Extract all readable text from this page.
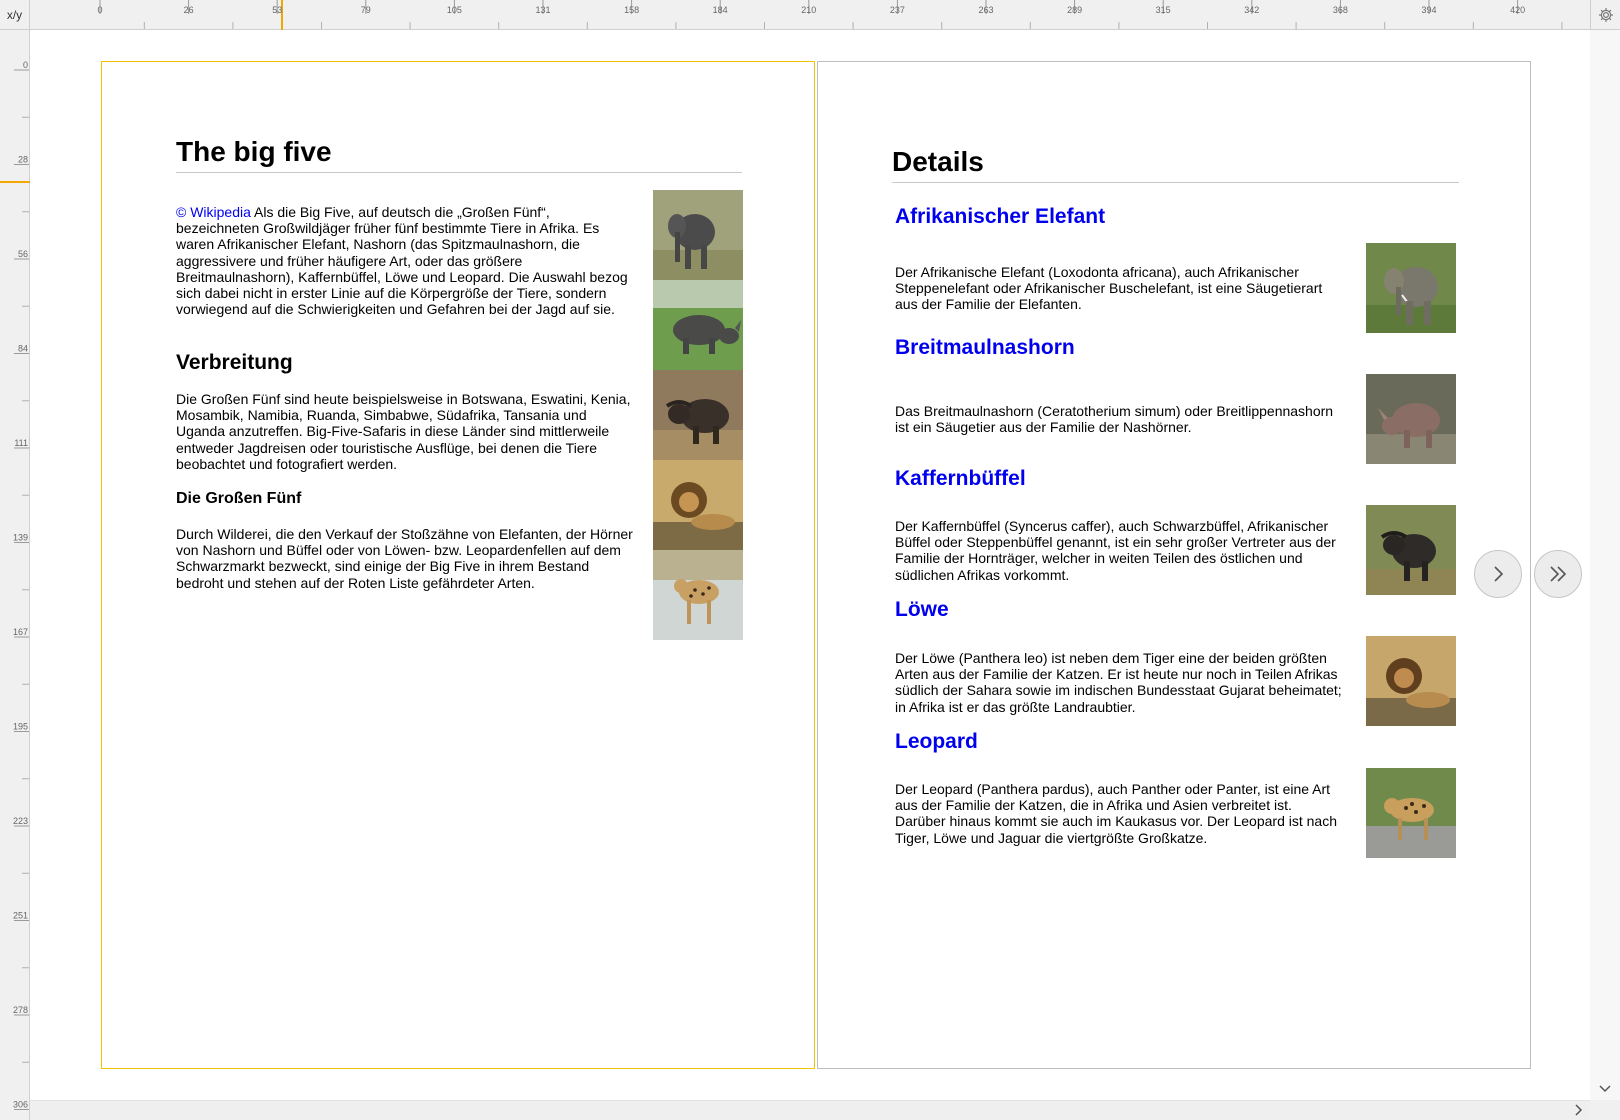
x/y	0	26	53	79	105	131	158	184	210	237	263	289	315	342	368	394	420
0
28
56
84
111
139
167
195
223
251
278
306
The big five

© Wikipedia Als die Big Five, auf deutsch die „Großen Fünf“, bezeichneten Großwildjäger früher fünf bestimmte Tiere in Afrika. Es waren Afrikanischer Elefant, Nashorn (das Spitzmaulnashorn, die aggressivere und früher häufigere Art, oder das größere Breitmaulnashorn), Kaffernbüffel, Löwe und Leopard. Die Auswahl bezog sich dabei nicht in erster Linie auf die Körpergröße der Tiere, sondern vorwiegend auf die Schwierigkeiten und Gefahren bei der Jagd auf sie.

Verbreitung

Die Großen Fünf sind heute beispielsweise in Botswana, Eswatini, Kenia, Mosambik, Namibia, Ruanda, Simbabwe, Südafrika, Tansania und Uganda anzutreffen. Big-Five-Safaris in diese Länder sind mittlerweile entweder Jagdreisen oder touristische Ausflüge, bei denen die Tiere beobachtet und fotografiert werden.

Die Großen Fünf

Durch Wilderei, die den Verkauf der Stoßzähne von Elefanten, der Hörner von Nashorn und Büffel oder von Löwen- bzw. Leopardenfellen auf dem Schwarzmarkt bezweckt, sind einige der Big Five in ihrem Bestand bedroht und stehen auf der Roten Liste gefährdeter Arten.

Details
Afrikanischer Elefant

Der Afrikanische Elefant (Loxodonta africana), auch Afrikanischer Steppenelefant oder Afrikanischer Buschelefant, ist eine Säugetierart aus der Familie der Elefanten.

Breitmaulnashorn

Das Breitmaulnashorn (Ceratotherium simum) oder Breitlippennashorn ist ein Säugetier aus der Familie der Nashörner.

Kaffernbüffel

Der Kaffernbüffel (Syncerus caffer), auch Schwarzbüffel, Afrikanischer Büffel oder Steppenbüffel genannt, ist ein sehr großer Vertreter aus der Familie der Hornträger, welcher in weiten Teilen des östlichen und südlichen Afrikas vorkommt.

Löwe

Der Löwe (Panthera leo) ist neben dem Tiger eine der beiden größten Arten aus der Familie der Katzen. Er ist heute nur noch in Teilen Afrikas südlich der Sahara sowie im indischen Bundesstaat Gujarat beheimatet; in Afrika ist er das größte Landraubtier.

Leopard

Der Leopard (Panthera pardus), auch Panther oder Panter, ist eine Art aus der Familie der Katzen, die in Afrika und Asien verbreitet ist. Darüber hinaus kommt sie auch im Kaukasus vor. Der Leopard ist nach Tiger, Löwe und Jaguar die viertgrößte Großkatze.
